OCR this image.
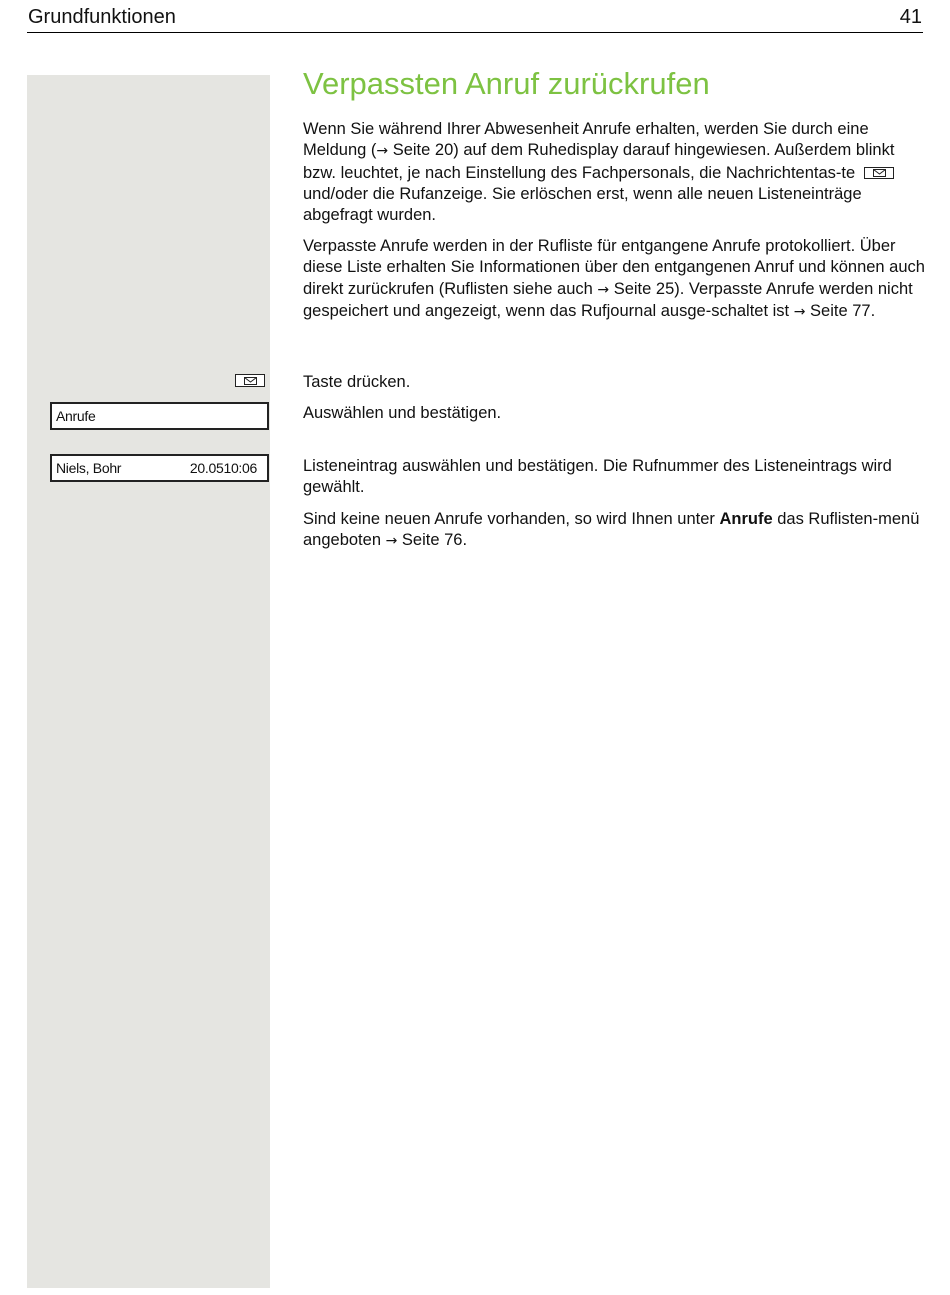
Grundfunktionen	41
Anrufe
Niels, Bohr	20.0510:06
Verpassten Anruf zurückrufen

Wenn Sie während Ihrer Abwesenheit Anrufe erhalten, werden Sie durch eine Meldung (→ Seite 20) auf dem Ruhedisplay darauf hingewiesen. Außerdem blinkt bzw. leuchtet, je nach Einstellung des Fachpersonals, die Nachrichtentas-te
und/oder die Rufanzeige. Sie erlöschen erst, wenn alle neuen Listeneinträge abgefragt wurden.

Verpasste Anrufe werden in der Rufliste für entgangene Anrufe protokolliert. Über diese Liste erhalten Sie Informationen über den entgangenen Anruf und können auch direkt zurückrufen (Ruflisten siehe auch → Seite 25). Verpasste Anrufe werden nicht gespeichert und angezeigt, wenn das Rufjournal ausge-schaltet ist → Seite 77.

Taste drücken.
Auswählen und bestätigen.
Listeneintrag auswählen und bestätigen. Die Rufnummer des Listeneintrags wird gewählt.

Sind keine neuen Anrufe vorhanden, so wird Ihnen unter Anrufe das Ruflisten-menü angeboten → Seite 76.
